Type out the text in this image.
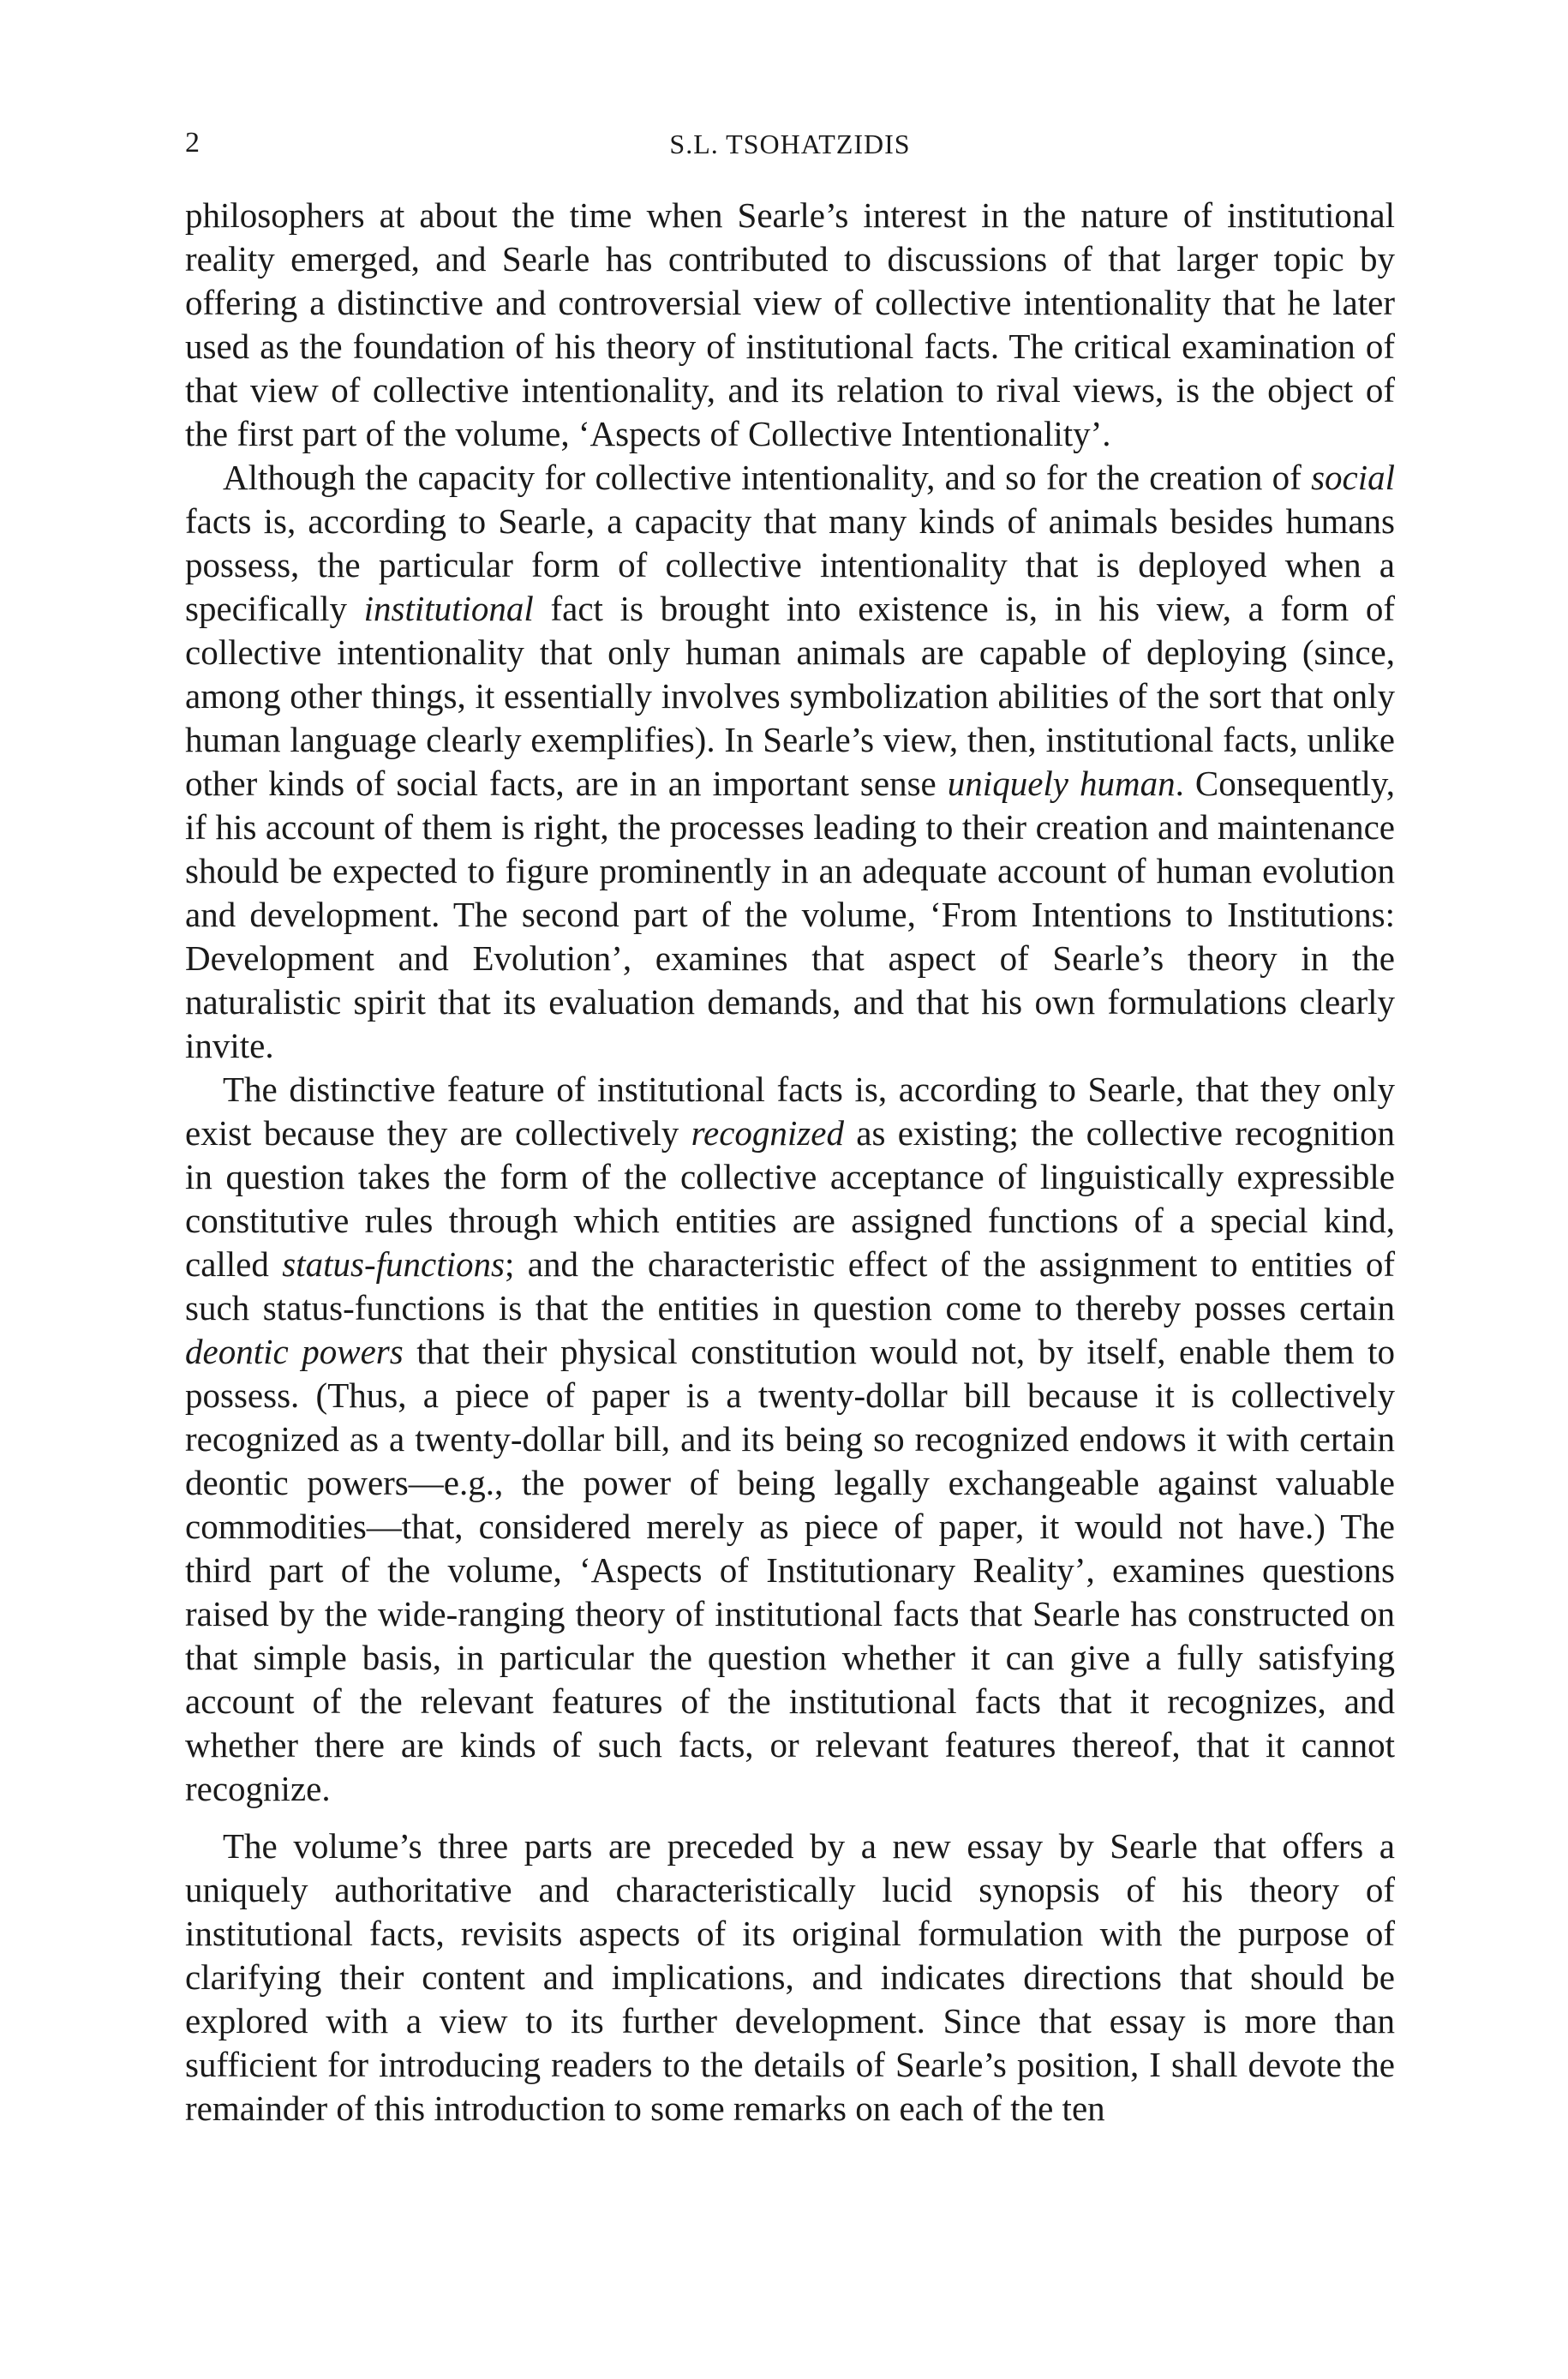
2	S.L. TSOHATZIDIS

philosophers at about the time when Searle’s interest in the nature of institutional reality emerged, and Searle has contributed to discussions of that larger topic by offering a distinctive and controversial view of collective intentionality that he later used as the foundation of his theory of institutional facts. The critical examination of that view of collective intentionality, and its relation to rival views, is the object of the first part of the volume, ‘Aspects of Collective Intentionality’.

Although the capacity for collective intentionality, and so for the creation of social facts is, according to Searle, a capacity that many kinds of animals besides humans possess, the particular form of collective intentionality that is deployed when a specifically institutional fact is brought into existence is, in his view, a form of collective intentionality that only human animals are capable of deploying (since, among other things, it essentially involves symbolization abilities of the sort that only human language clearly exemplifies). In Searle’s view, then, institutional facts, unlike other kinds of social facts, are in an important sense uniquely human. Consequently, if his account of them is right, the processes leading to their creation and maintenance should be expected to figure prominently in an adequate account of human evolution and development. The second part of the volume, ‘From Intentions to Institutions: Development and Evolution’, examines that aspect of Searle’s theory in the naturalistic spirit that its evaluation demands, and that his own formulations clearly invite.

The distinctive feature of institutional facts is, according to Searle, that they only exist because they are collectively recognized as existing; the collective recognition in question takes the form of the collective acceptance of linguistically expressible constitutive rules through which entities are assigned functions of a special kind, called status-functions; and the characteristic effect of the assignment to entities of such status-functions is that the entities in question come to thereby posses certain deontic powers that their physical constitution would not, by itself, enable them to possess. (Thus, a piece of paper is a twenty-dollar bill because it is collectively recognized as a twenty-dollar bill, and its being so recognized endows it with certain deontic powers—e.g., the power of being legally exchangeable against valuable commodities—that, considered merely as piece of paper, it would not have.) The third part of the volume, ‘Aspects of Institutionary Reality’, examines questions raised by the wide-ranging theory of institutional facts that Searle has constructed on that simple basis, in particular the question whether it can give a fully satisfying account of the relevant features of the institutional facts that it recognizes, and whether there are kinds of such facts, or relevant features thereof, that it cannot recognize.

The volume’s three parts are preceded by a new essay by Searle that offers a uniquely authoritative and characteristically lucid synopsis of his theory of institutional facts, revisits aspects of its original formulation with the purpose of clarifying their content and implications, and indicates directions that should be explored with a view to its further development. Since that essay is more than sufficient for introducing readers to the details of Searle’s position, I shall devote the remainder of this introduction to some remarks on each of the ten
